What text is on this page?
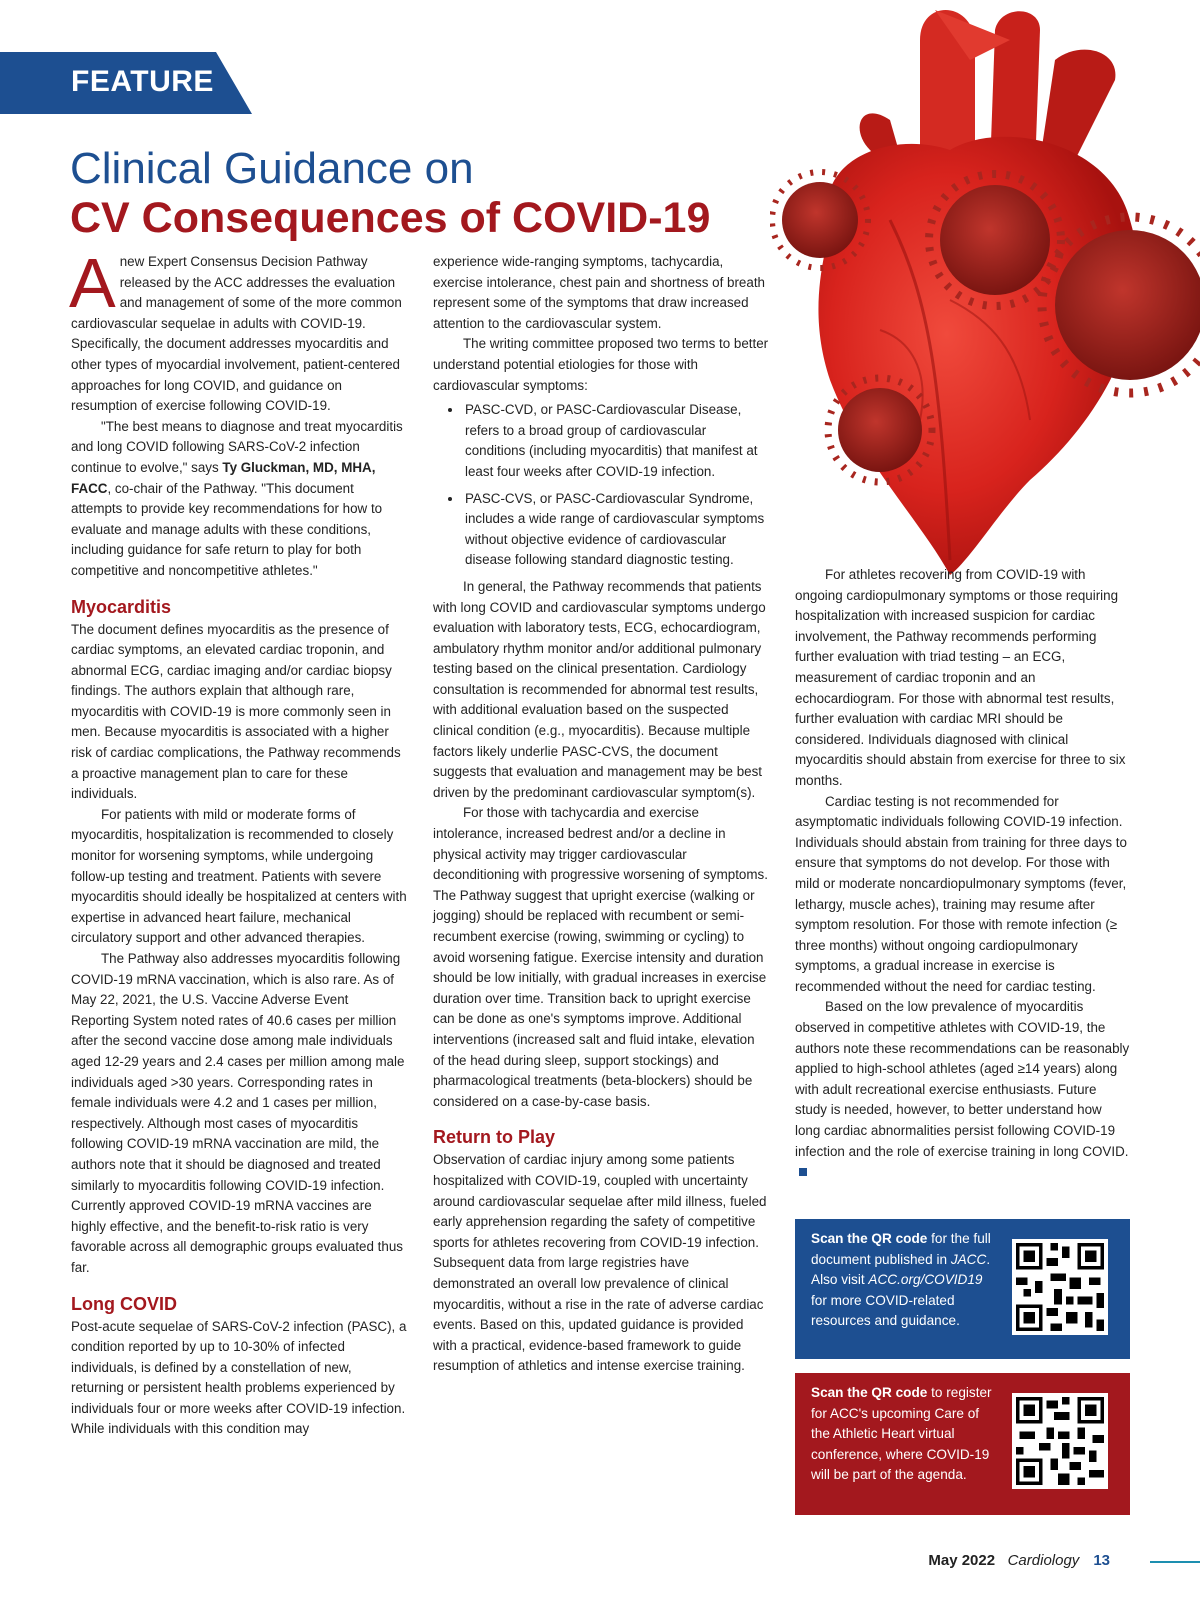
FEATURE
Clinical Guidance on
CV Consequences of COVID-19

Anew Expert Consensus Decision Pathway released by the ACC addresses the evaluation and management of some of the more common cardiovascular sequelae in adults with COVID-19. Specifically, the document addresses myocarditis and other types of myocardial involvement, patient-centered approaches for long COVID, and guidance on resumption of exercise following COVID-19.

"The best means to diagnose and treat myocarditis and long COVID following SARS-CoV-2 infection continue to evolve," says Ty Gluckman, MD, MHA, FACC, co-chair of the Pathway. "This document attempts to provide key recommendations for how to evaluate and manage adults with these conditions, including guidance for safe return to play for both competitive and noncompetitive athletes."

Myocarditis

The document defines myocarditis as the presence of cardiac symptoms, an elevated cardiac troponin, and abnormal ECG, cardiac imaging and/or cardiac biopsy findings. The authors explain that although rare, myocarditis with COVID-19 is more commonly seen in men. Because myocarditis is associated with a higher risk of cardiac complications, the Pathway recommends a proactive management plan to care for these individuals.

For patients with mild or moderate forms of myocarditis, hospitalization is recommended to closely monitor for worsening symptoms, while undergoing follow-up testing and treatment. Patients with severe myocarditis should ideally be hospitalized at centers with expertise in advanced heart failure, mechanical circulatory support and other advanced therapies.

The Pathway also addresses myocarditis following COVID-19 mRNA vaccination, which is also rare. As of May 22, 2021, the U.S. Vaccine Adverse Event Reporting System noted rates of 40.6 cases per million after the second vaccine dose among male individuals aged 12-29 years and 2.4 cases per million among male individuals aged >30 years. Corresponding rates in female individuals were 4.2 and 1 cases per million, respectively. Although most cases of myocarditis following COVID-19 mRNA vaccination are mild, the authors note that it should be diagnosed and treated similarly to myocarditis following COVID-19 infection. Currently approved COVID-19 mRNA vaccines are highly effective, and the benefit-to-risk ratio is very favorable across all demographic groups evaluated thus far.

Long COVID

Post-acute sequelae of SARS-CoV-2 infection (PASC), a condition reported by up to 10-30% of infected individuals, is defined by a constellation of new, returning or persistent health problems experienced by individuals four or more weeks after COVID-19 infection. While individuals with this condition may

experience wide-ranging symptoms, tachycardia, exercise intolerance, chest pain and shortness of breath represent some of the symptoms that draw increased attention to the cardiovascular system.

The writing committee proposed two terms to better understand potential etiologies for those with cardiovascular symptoms:

• PASC-CVD, or PASC-Cardiovascular Disease, refers to a broad group of cardiovascular conditions (including myocarditis) that manifest at least four weeks after COVID-19 infection.
• PASC-CVS, or PASC-Cardiovascular Syndrome, includes a wide range of cardiovascular symptoms without objective evidence of cardiovascular disease following standard diagnostic testing.

In general, the Pathway recommends that patients with long COVID and cardiovascular symptoms undergo evaluation with laboratory tests, ECG, echocardiogram, ambulatory rhythm monitor and/or additional pulmonary testing based on the clinical presentation. Cardiology consultation is recommended for abnormal test results, with additional evaluation based on the suspected clinical condition (e.g., myocarditis). Because multiple factors likely underlie PASC-CVS, the document suggests that evaluation and management may be best driven by the predominant cardiovascular symptom(s).

For those with tachycardia and exercise intolerance, increased bedrest and/or a decline in physical activity may trigger cardiovascular deconditioning with progressive worsening of symptoms. The Pathway suggest that upright exercise (walking or jogging) should be replaced with recumbent or semi-recumbent exercise (rowing, swimming or cycling) to avoid worsening fatigue. Exercise intensity and duration should be low initially, with gradual increases in exercise duration over time. Transition back to upright exercise can be done as one's symptoms improve. Additional interventions (increased salt and fluid intake, elevation of the head during sleep, support stockings) and pharmacological treatments (beta-blockers) should be considered on a case-by-case basis.

Return to Play

Observation of cardiac injury among some patients hospitalized with COVID-19, coupled with uncertainty around cardiovascular sequelae after mild illness, fueled early apprehension regarding the safety of competitive sports for athletes recovering from COVID-19 infection. Subsequent data from large registries have demonstrated an overall low prevalence of clinical myocarditis, without a rise in the rate of adverse cardiac events. Based on this, updated guidance is provided with a practical, evidence-based framework to guide resumption of athletics and intense exercise training.

For athletes recovering from COVID-19 with ongoing cardiopulmonary symptoms or those requiring hospitalization with increased suspicion for cardiac involvement, the Pathway recommends performing further evaluation with triad testing – an ECG, measurement of cardiac troponin and an echocardiogram. For those with abnormal test results, further evaluation with cardiac MRI should be considered. Individuals diagnosed with clinical myocarditis should abstain from exercise for three to six months.

Cardiac testing is not recommended for asymptomatic individuals following COVID-19 infection. Individuals should abstain from training for three days to ensure that symptoms do not develop. For those with mild or moderate noncardiopulmonary symptoms (fever, lethargy, muscle aches), training may resume after symptom resolution. For those with remote infection (≥ three months) without ongoing cardiopulmonary symptoms, a gradual increase in exercise is recommended without the need for cardiac testing.

Based on the low prevalence of myocarditis observed in competitive athletes with COVID-19, the authors note these recommendations can be reasonably applied to high-school athletes (aged ≥14 years) along with adult recreational exercise enthusiasts. Future study is needed, however, to better understand how long cardiac abnormalities persist following COVID-19 infection and the role of exercise training in long COVID.

Scan the QR code for the full document published in JACC. Also visit ACC.org/COVID19 for more COVID-related resources and guidance.
Scan the QR code to register for ACC's upcoming Care of the Athletic Heart virtual conference, where COVID-19 will be part of the agenda.
May 2022 Cardiology 13
